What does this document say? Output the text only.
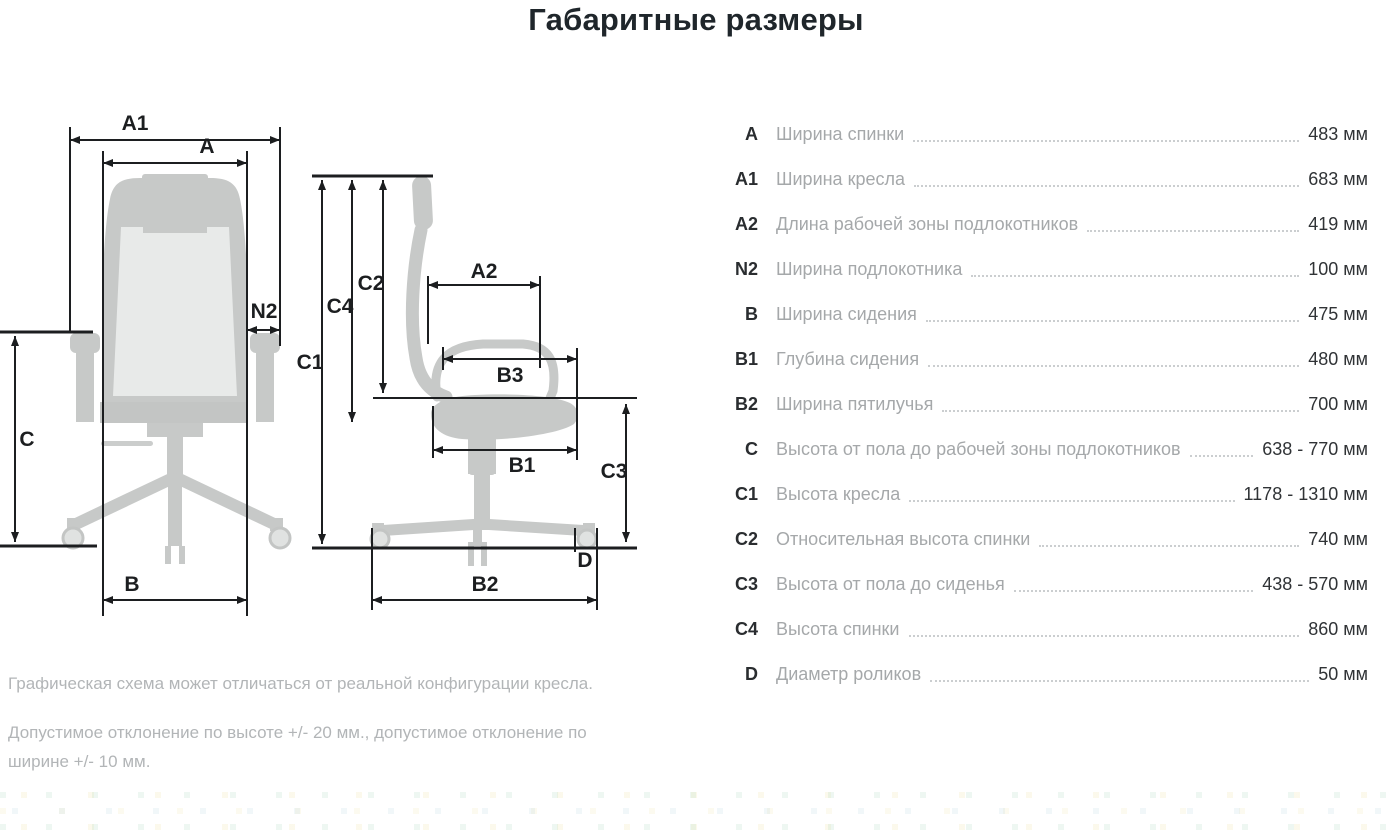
Габаритные размеры
A1
A
N2
C
B
C1
C4
C2
A2
B3
B1	C3
D
B2
A Ширина спинки	483 мм
A1 Ширина кресла	683 мм
A2 Длина рабочей зоны подлокотников	419 мм
N2 Ширина подлокотника	100 мм
B Ширина сидения	475 мм
B1 Глубина сидения	480 мм
B2 Ширина пятилучья	700 мм
C Высота от пола до рабочей зоны подлокотников	638 - 770 мм
C1 Высота кресла	1178 - 1310 мм
C2 Относительная высота спинки	740 мм
C3 Высота от пола до сиденья	438 - 570 мм
C4 Высота спинки	860 мм
D Диаметр роликов	50 мм

Графическая схема может отличаться от реальной конфигурации кресла.

Допустимое отклонение по высоте +/- 20 мм., допустимое отклонение по ширине +/- 10 мм.
